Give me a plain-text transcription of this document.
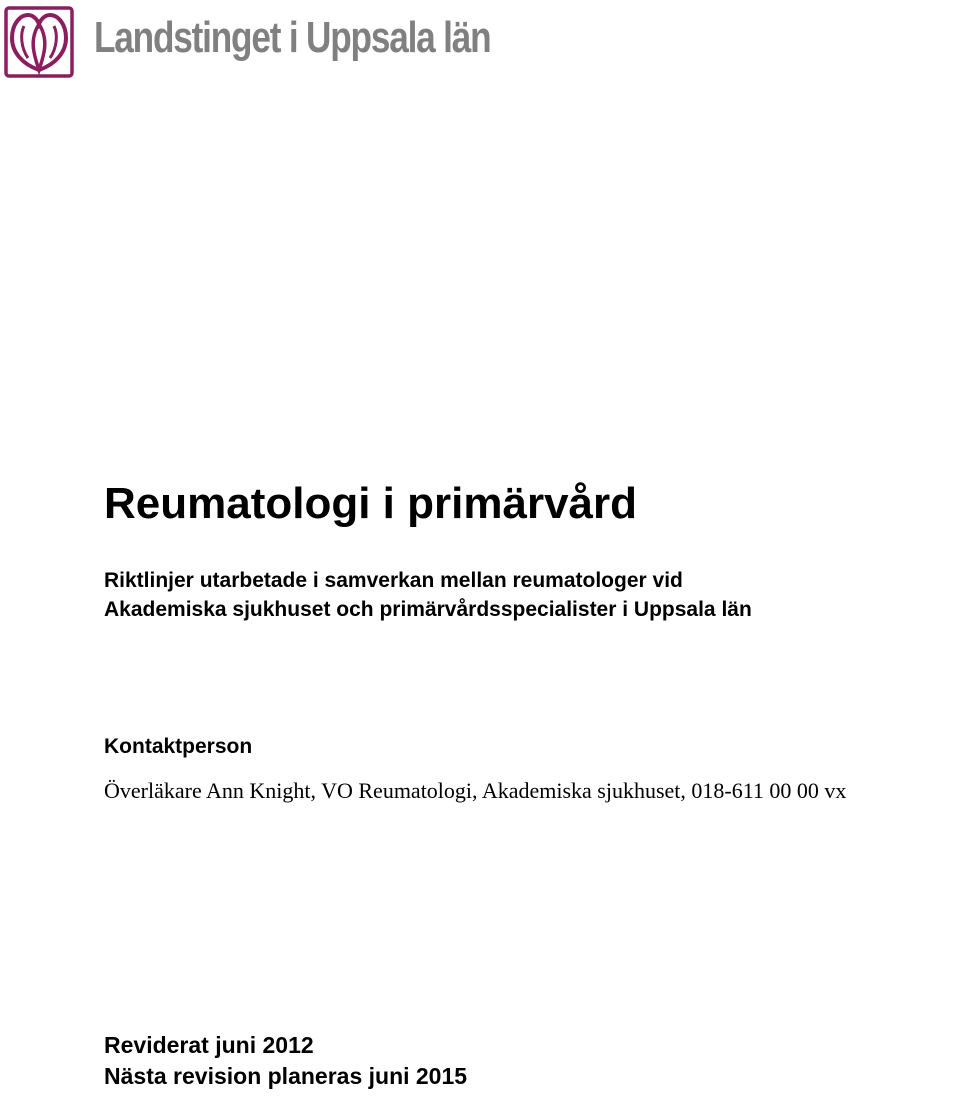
Landstinget i Uppsala län
Reumatologi i primärvård
Riktlinjer utarbetade i samverkan mellan reumatologer vid
Akademiska sjukhuset och primärvårdsspecialister i Uppsala län
Kontaktperson
Överläkare Ann Knight, VO Reumatologi, Akademiska sjukhuset, 018-611 00 00 vx
Reviderat juni 2012
Nästa revision planeras juni 2015
